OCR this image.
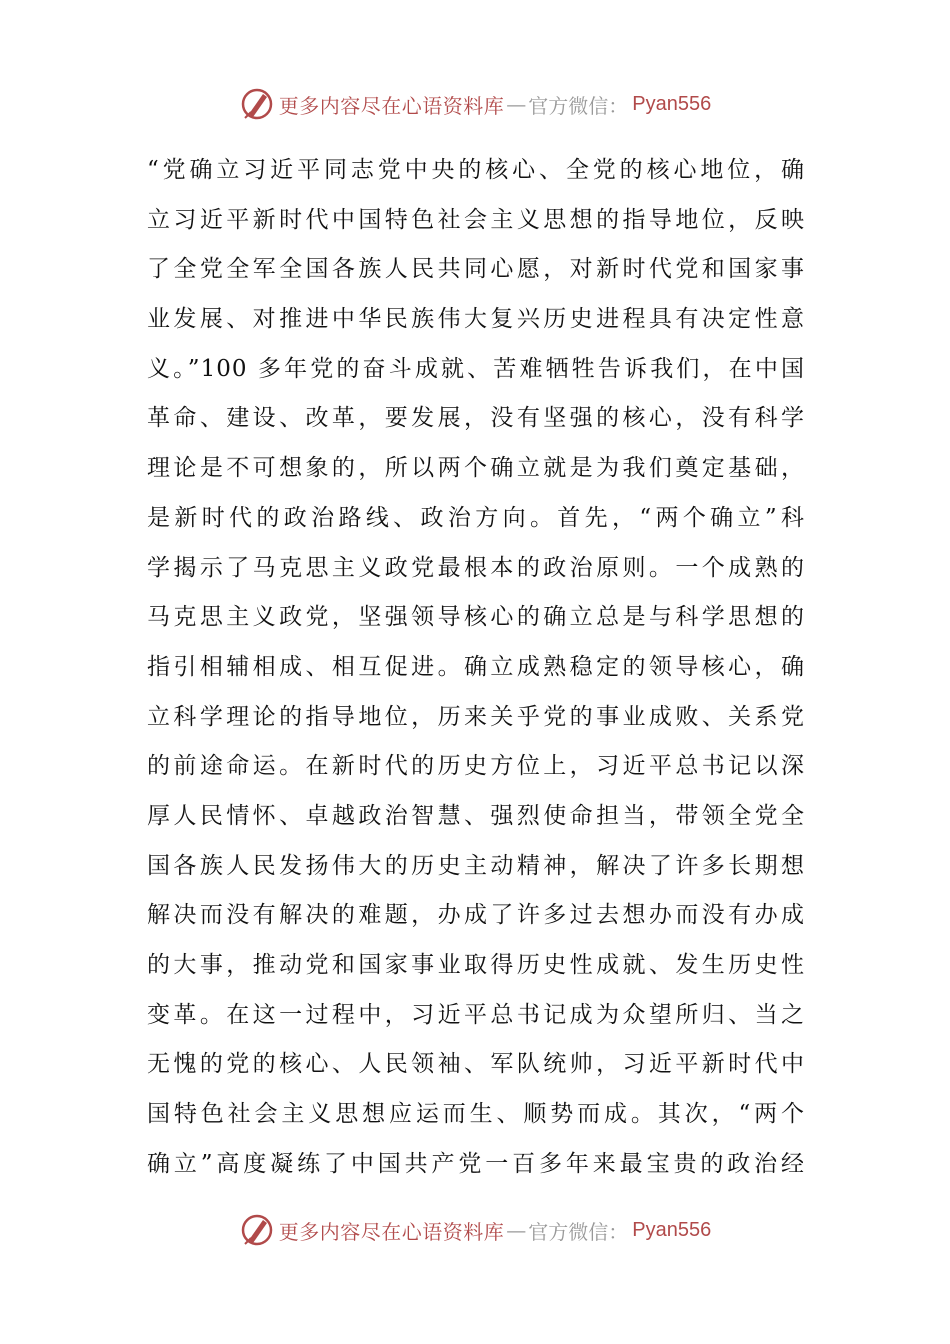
更多内容尽在心语资料库 — 官方微信： Pyan556
“党确立习近平同志党中央的核心、全党的核心地位，确
立习近平新时代中国特色社会主义思想的指导地位，反映
了全党全军全国各族人民共同心愿，对新时代党和国家事
业发展、对推进中华民族伟大复兴历史进程具有决定性意
义。”100 多年党的奋斗成就、苦难牺牲告诉我们，在中国
革命、建设、改革，要发展，没有坚强的核心，没有科学
理论是不可想象的，所以两个确立就是为我们奠定基础，
是新时代的政治路线、政治方向。首先，“两个确立”科
学揭示了马克思主义政党最根本的政治原则。一个成熟的
马克思主义政党，坚强领导核心的确立总是与科学思想的
指引相辅相成、相互促进。确立成熟稳定的领导核心，确
立科学理论的指导地位，历来关乎党的事业成败、关系党
的前途命运。在新时代的历史方位上，习近平总书记以深
厚人民情怀、卓越政治智慧、强烈使命担当，带领全党全
国各族人民发扬伟大的历史主动精神，解决了许多长期想
解决而没有解决的难题，办成了许多过去想办而没有办成
的大事，推动党和国家事业取得历史性成就、发生历史性
变革。在这一过程中，习近平总书记成为众望所归、当之
无愧的党的核心、人民领袖、军队统帅，习近平新时代中
国特色社会主义思想应运而生、顺势而成。其次，“两个
确立”高度凝练了中国共产党一百多年来最宝贵的政治经
更多内容尽在心语资料库 — 官方微信： Pyan556
